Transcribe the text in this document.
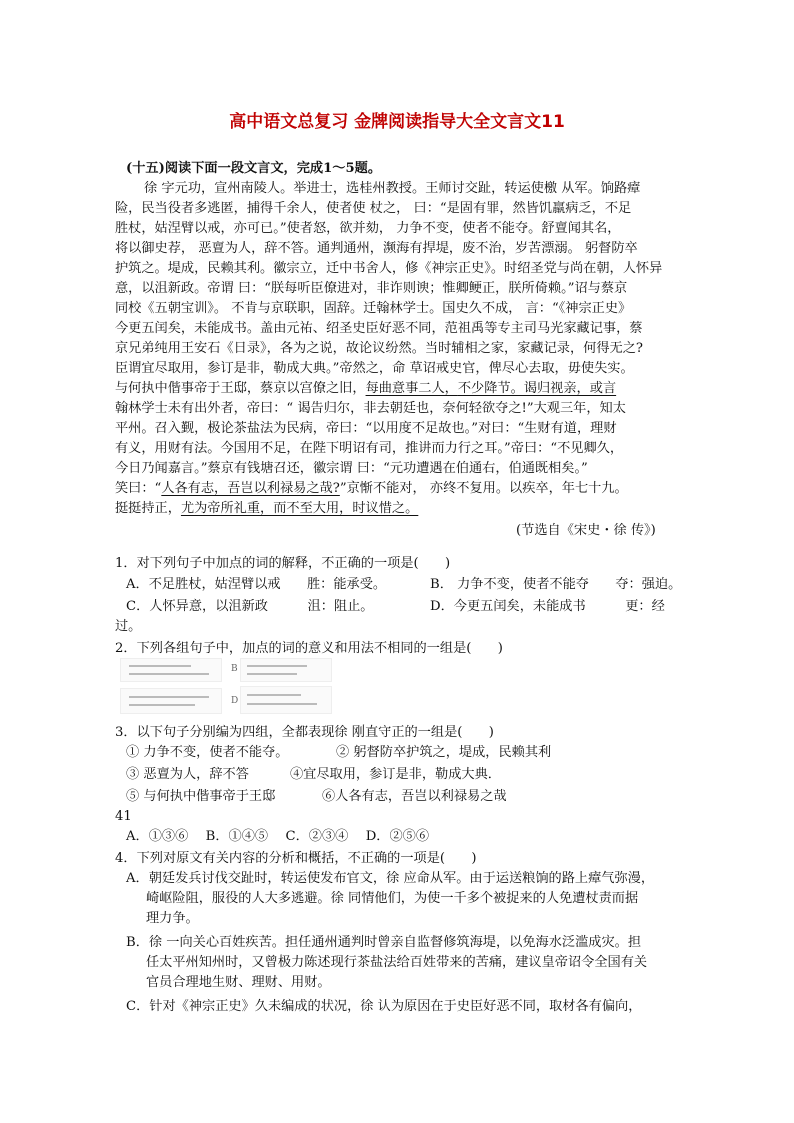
高中语文总复习 金牌阅读指导大全文言文11
(十五)阅读下面一段文言文，完成1～5题。
徐 字元功，宣州南陵人。举进士，选桂州教授。王师讨交趾，转运使檄 从军。饷路瘴
险，民当役者多逃匿，捕得千余人，使者使 杖之， 曰：“是固有罪，然皆饥羸病乏，不足
胜杖，姑涅臂以戒，亦可已。”使者怒，欲并劾， 力争不变，使者不能夺。舒亶闻其名，
将以御史荐， 恶亶为人，辞不答。通判通州，濒海有捍堤，废不治，岁苦漂溺。 躬督防卒
护筑之。堤成，民赖其利。徽宗立，迁中书舍人，修《神宗正史》。时绍圣党与尚在朝，人怀异
意，以沮新政。帝谓 曰：“朕每听臣僚进对，非诈则谀；惟卿鲠正，朕所倚赖。”诏与蔡京
同校《五朝宝训》。 不肯与京联职，固辞。迁翰林学士。国史久不成， 言：“《神宗正史》
今更五闰矣，未能成书。盖由元祐、绍圣史臣好恶不同，范祖禹等专主司马光家藏记事，蔡
京兄弟纯用王安石《日录》，各为之说，故论议纷然。当时辅相之家，家藏记录，何得无之?
臣谓宜尽取用，参订是非，勒成大典。”帝然之，命 草诏戒史官，俾尽心去取，毋使失实。
与何执中偕事帝于王邸，蔡京以宫僚之旧，每曲意事二人，不少降节。谒归视亲，或言
翰林学士未有出外者，帝曰：“ 谒告归尔，非去朝廷也，奈何轻欲夺之!”大观三年，知太
平州。召入觐，极论茶盐法为民病，帝曰：“以用度不足故也。”对曰：“生财有道，理财
有义，用财有法。今国用不足，在陛下明诏有司，推讲而力行之耳。”帝曰：“不见卿久，
今日乃闻嘉言。”蔡京有钱塘召还，徽宗谓 曰：“元功遭遇在伯通右，伯通既相矣。”
笑曰：“人各有志，吾岂以利禄易之哉?”京惭不能对， 亦终不复用。以疾卒，年七十九。
挺挺持正，尤为帝所礼重，而不至大用，时议惜之。
(节选自《宋史・徐 传》)
1．对下列句子中加点的词的解释，不正确的一项是(　　)
A．不足胜杖，姑涅臂以戒　　胜：能承受。	B． 力争不变，使者不能夺　　夺：强迫。
C．人怀异意，以沮新政　　　沮：阻止。	D．今更五闰矣，未能成书　　　更：经
过。
2．下列各组句子中，加点的词的意义和用法不相同的一组是(　　)
B
D
3．以下句子分别编为四组，全都表现徐 刚直守正的一组是(　　)
① 力争不变，使者不能夺。	② 躬督防卒护筑之，堤成，民赖其利
③ 恶亶为人，辞不答	④宜尽取用，参订是非，勒成大典．
⑤ 与何执中偕事帝于王邸	⑥人各有志，吾岂以利禄易之哉
41
A．①③⑥　 B．①④⑤　 C．②③④　 D．②⑤⑥
4．下列对原文有关内容的分析和概括，不正确的一项是(　　)
A．朝廷发兵讨伐交趾时，转运使发布官文，徐 应命从军。由于运送粮饷的路上瘴气弥漫，
崎岖险阻，服役的人大多逃避。徐 同情他们，为使一千多个被捉来的人免遭杖责而据
理力争。
B．徐 一向关心百姓疾苦。担任通州通判时曾亲自监督修筑海堤，以免海水泛滥成灾。担
任太平州知州时，又曾极力陈述现行茶盐法给百姓带来的苦痛，建议皇帝诏令全国有关
官员合理地生财、理财、用财。
C．针对《神宗正史》久未编成的状况，徐 认为原因在于史臣好恶不同，取材各有偏向，
